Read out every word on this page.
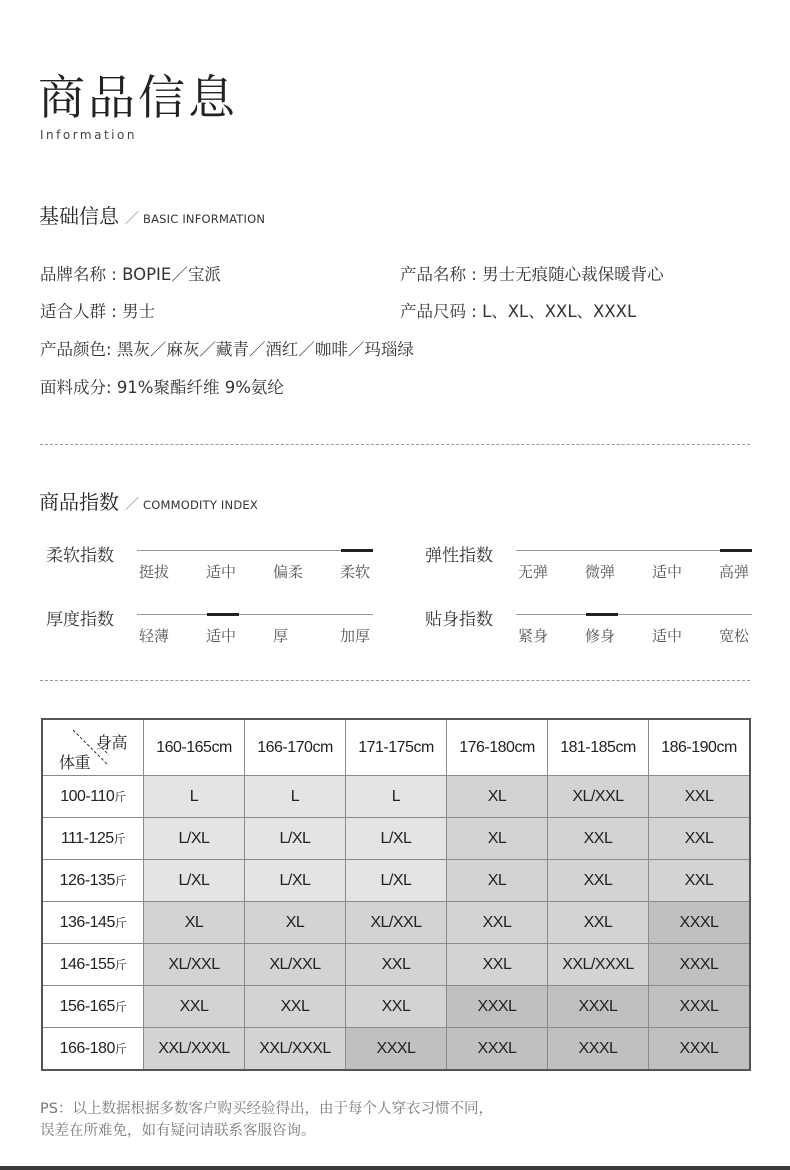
商品信息
Information
基础信息 ／ BASIC INFORMATION
品牌名称 : BOPIE／宝派	产品名称 : 男士无痕随心裁保暖背心
适合人群 : 男士	产品尺码 : L、XL、XXL、XXXL
产品颜色: 黑灰／麻灰／藏青／酒红／咖啡／玛瑙绿
面料成分: 91%聚酯纤维 9%氨纶
商品指数 ／ COMMODITY INDEX
柔软指数
挺拔 适中 偏柔 柔软
弹性指数
无弹 微弹 适中 高弹
厚度指数
轻薄 适中 厚	加厚
贴身指数
紧身 修身 适中 宽松
身高
体重	160-165cm	166-170cm	171-175cm	176-180cm	181-185cm	186-190cm
100-110斤	L	L	L	XL	XL/XXL	XXL
111-125斤	L/XL	L/XL	L/XL	XL	XXL	XXL
126-135斤	L/XL	L/XL	L/XL	XL	XXL	XXL
136-145斤	XL	XL	XL/XXL	XXL	XXL	XXXL
146-155斤	XL/XXL	XL/XXL	XXL	XXL	XXL/XXXL	XXXL
156-165斤	XXL	XXL	XXL	XXXL	XXXL	XXXL
166-180斤	XXL/XXXL	XXL/XXXL	XXXL	XXXL	XXXL	XXXL
PS：以上数据根据多数客户购买经验得出，由于每个人穿衣习惯不同，
误差在所难免，如有疑问请联系客服咨询。
